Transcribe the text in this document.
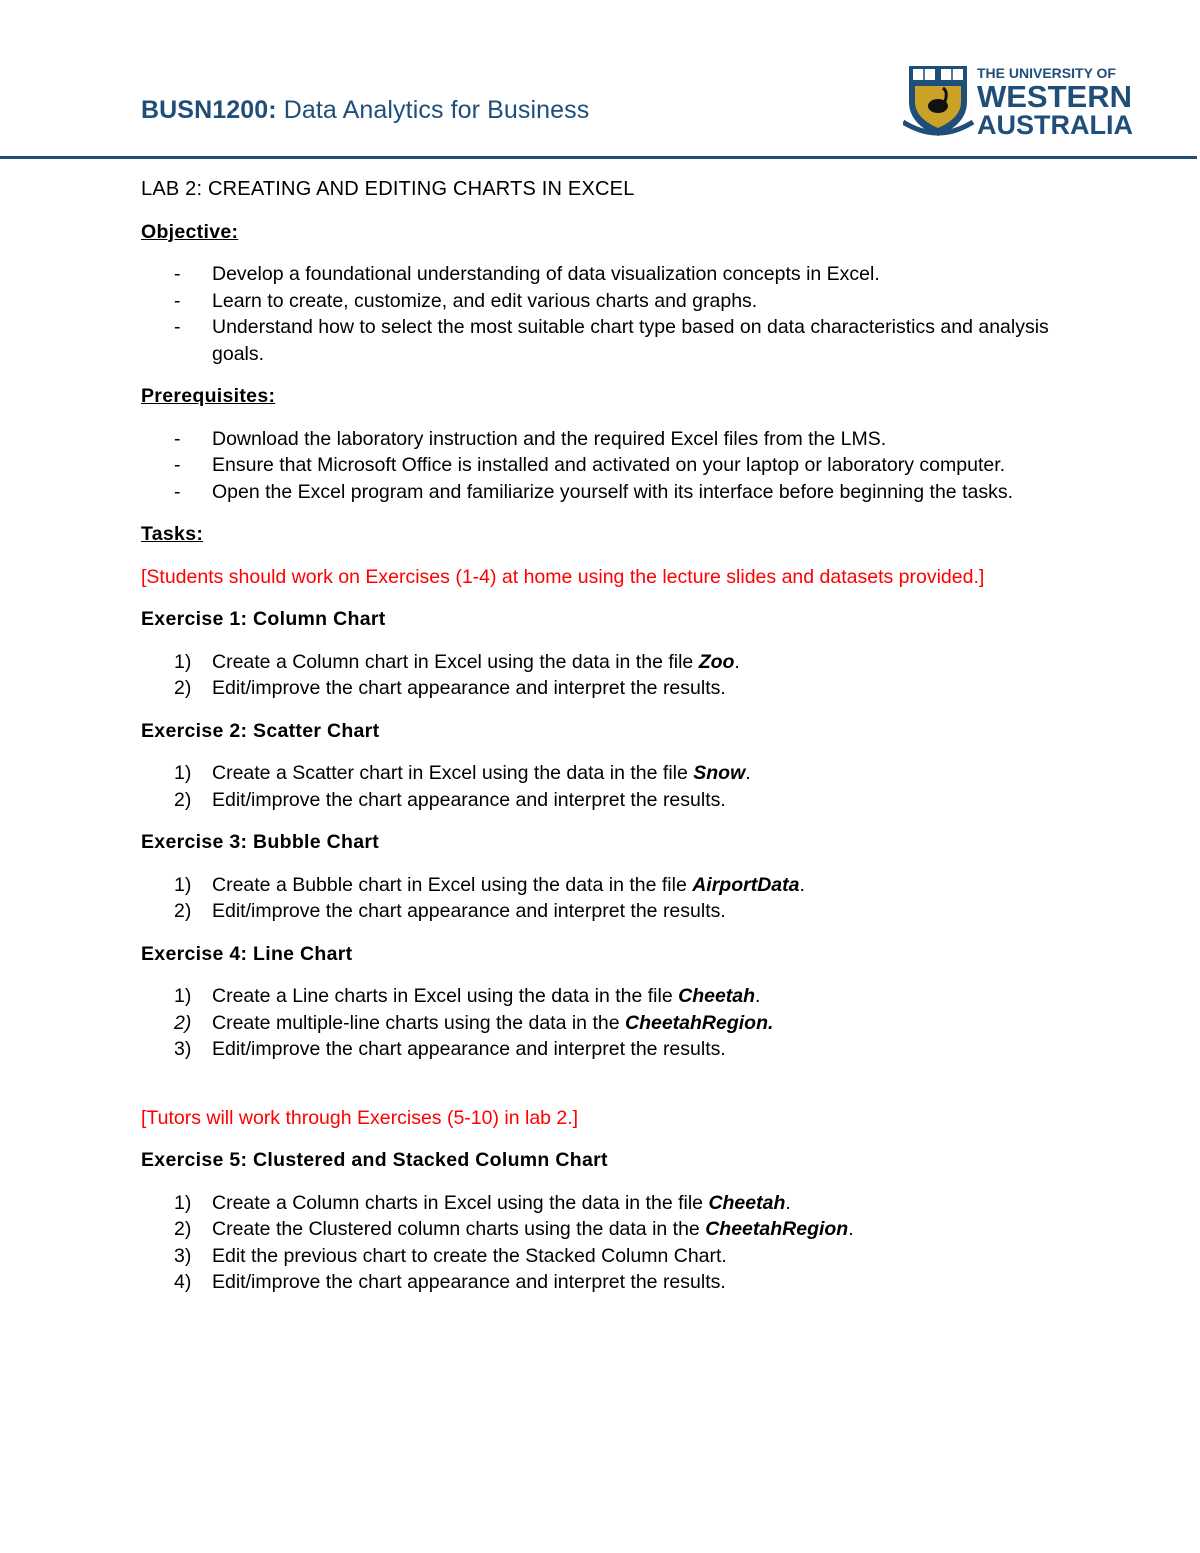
BUSN1200: Data Analytics for Business
THE UNIVERSITY OF
WESTERN
AUSTRALIA
LAB 2: CREATING AND EDITING CHARTS IN EXCEL
Objective:
- Develop a foundational understanding of data visualization concepts in Excel.
- Learn to create, customize, and edit various charts and graphs.
- Understand how to select the most suitable chart type based on data characteristics and analysis goals.
Prerequisites:
- Download the laboratory instruction and the required Excel files from the LMS.
- Ensure that Microsoft Office is installed and activated on your laptop or laboratory computer.
- Open the Excel program and familiarize yourself with its interface before beginning the tasks.
Tasks:
[Students should work on Exercises (1-4) at home using the lecture slides and datasets provided.]
Exercise 1: Column Chart
1) Create a Column chart in Excel using the data in the file Zoo.
2) Edit/improve the chart appearance and interpret the results.
Exercise 2: Scatter Chart
1) Create a Scatter chart in Excel using the data in the file Snow.
2) Edit/improve the chart appearance and interpret the results.
Exercise 3: Bubble Chart
1) Create a Bubble chart in Excel using the data in the file AirportData.
2) Edit/improve the chart appearance and interpret the results.
Exercise 4: Line Chart
1) Create a Line charts in Excel using the data in the file Cheetah.
2) Create multiple-line charts using the data in the CheetahRegion.
3) Edit/improve the chart appearance and interpret the results.
[Tutors will work through Exercises (5-10) in lab 2.]
Exercise 5: Clustered and Stacked Column Chart
1) Create a Column charts in Excel using the data in the file Cheetah.
2) Create the Clustered column charts using the data in the CheetahRegion.
3) Edit the previous chart to create the Stacked Column Chart.
4) Edit/improve the chart appearance and interpret the results.
